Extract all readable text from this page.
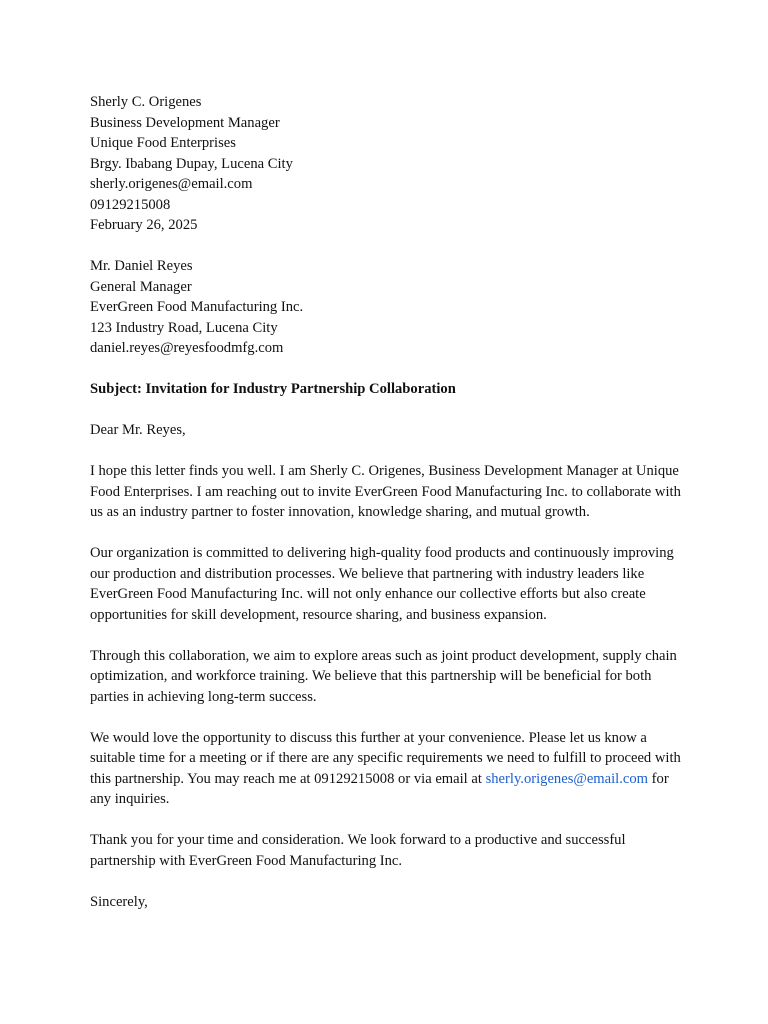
Sherly C. Origenes
Business Development Manager
Unique Food Enterprises
Brgy. Ibabang Dupay, Lucena City
sherly.origenes@email.com
09129215008
February 26, 2025
Mr. Daniel Reyes
General Manager
EverGreen Food Manufacturing Inc.
123 Industry Road, Lucena City
daniel.reyes@reyesfoodmfg.com

Subject: Invitation for Industry Partnership Collaboration

Dear Mr. Reyes,

I hope this letter finds you well. I am Sherly C. Origenes, Business Development Manager at Unique Food Enterprises. I am reaching out to invite EverGreen Food Manufacturing Inc. to collaborate with us as an industry partner to foster innovation, knowledge sharing, and mutual growth.

Our organization is committed to delivering high-quality food products and continuously improving our production and distribution processes. We believe that partnering with industry leaders like EverGreen Food Manufacturing Inc. will not only enhance our collective efforts but also create opportunities for skill development, resource sharing, and business expansion.

Through this collaboration, we aim to explore areas such as joint product development, supply chain optimization, and workforce training. We believe that this partnership will be beneficial for both parties in achieving long-term success.

We would love the opportunity to discuss this further at your convenience. Please let us know a suitable time for a meeting or if there are any specific requirements we need to fulfill to proceed with this partnership. You may reach me at 09129215008 or via email at sherly.origenes@email.com for any inquiries.

Thank you for your time and consideration. We look forward to a productive and successful partnership with EverGreen Food Manufacturing Inc.

Sincerely,
